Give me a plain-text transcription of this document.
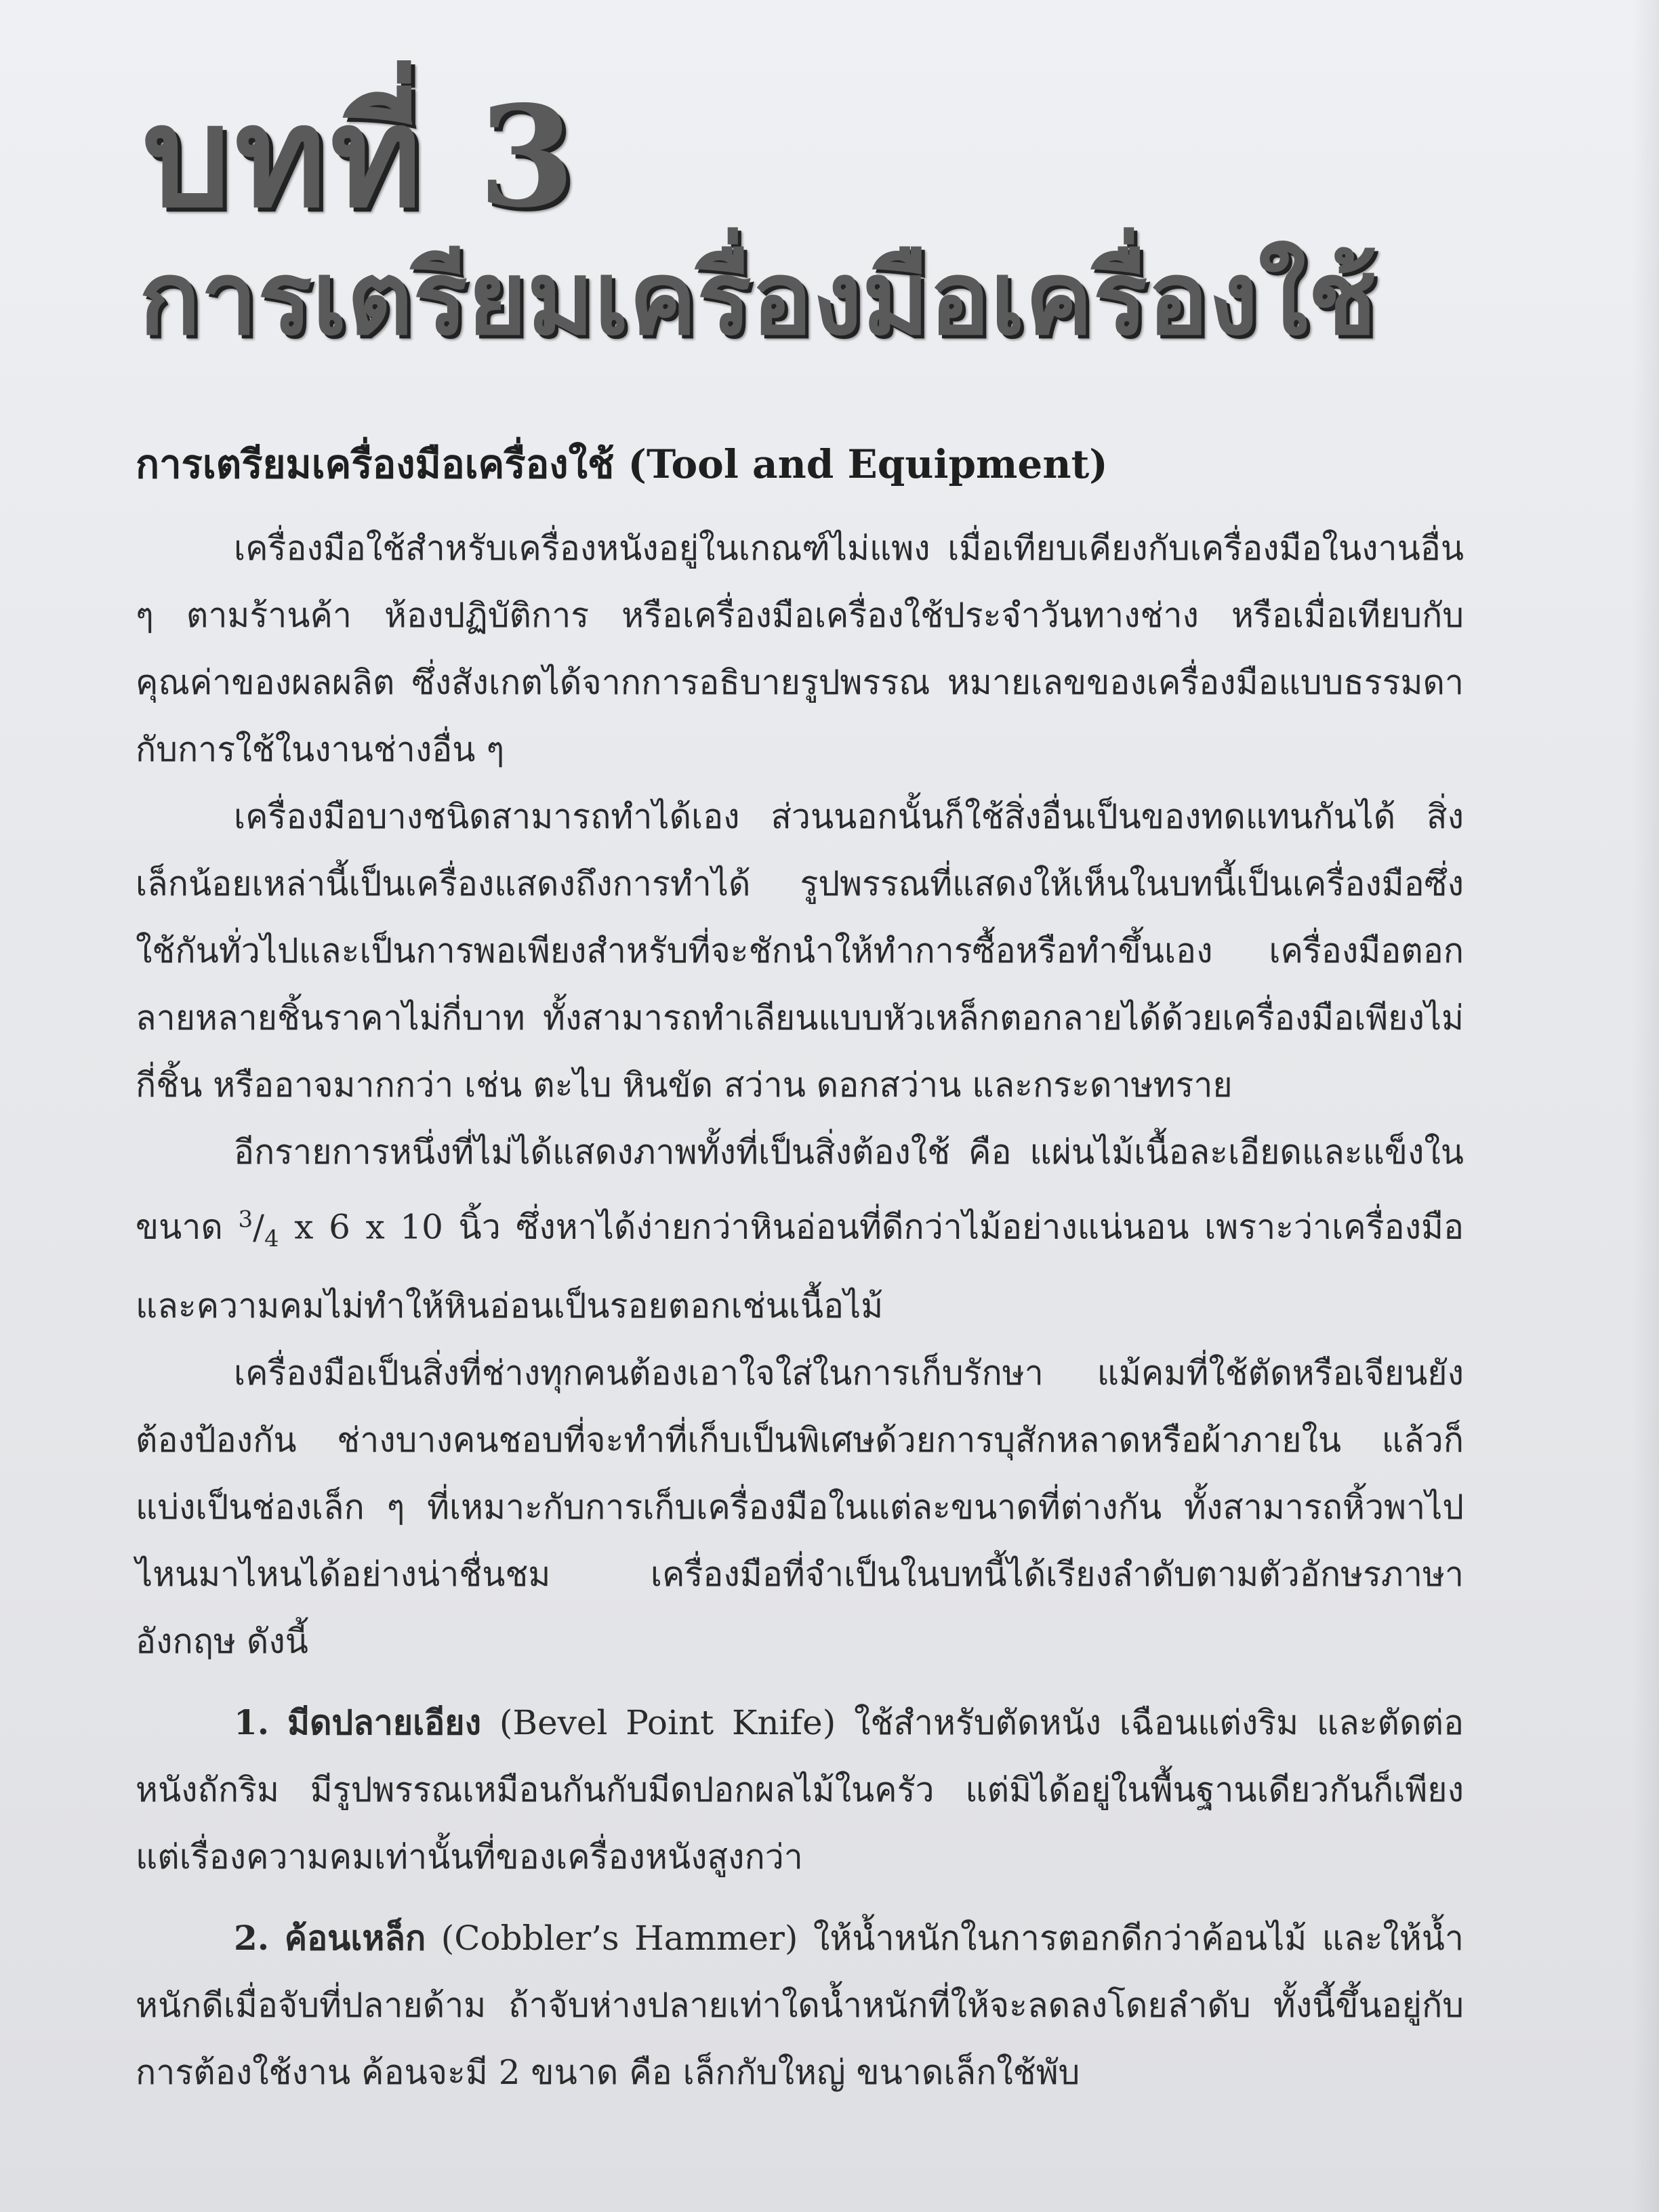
บทที่ 3
การเตรียมเครื่องมือเครื่องใช้
การเตรียมเครื่องมือเครื่องใช้ (Tool and Equipment)

เครื่องมือใช้สำหรับเครื่องหนังอยู่ในเกณฑ์ไม่แพง เมื่อเทียบเคียงกับเครื่องมือในงานอื่น ๆ ตามร้านค้า ห้องปฏิบัติการ หรือเครื่องมือเครื่องใช้ประจำวันทางช่าง หรือเมื่อเทียบกับคุณค่าของผลผลิต ซึ่งสังเกตได้จากการอธิบายรูปพรรณ หมายเลขของเครื่องมือแบบธรรมดากับการใช้ในงานช่างอื่น ๆ

เครื่องมือบางชนิดสามารถทำได้เอง ส่วนนอกนั้นก็ใช้สิ่งอื่นเป็นของทดแทนกันได้ สิ่งเล็กน้อยเหล่านี้เป็นเครื่องแสดงถึงการทำได้ รูปพรรณที่แสดงให้เห็นในบทนี้เป็นเครื่องมือซึ่งใช้กันทั่วไปและเป็นการพอเพียงสำหรับที่จะชักนำให้ทำการซื้อหรือทำขึ้นเอง เครื่องมือตอกลายหลายชิ้นราคาไม่กี่บาท ทั้งสามารถทำเลียนแบบหัวเหล็กตอกลายได้ด้วยเครื่องมือเพียงไม่กี่ชิ้น หรืออาจมากกว่า เช่น ตะไบ หินขัด สว่าน ดอกสว่าน และกระดาษทราย

อีกรายการหนึ่งที่ไม่ได้แสดงภาพทั้งที่เป็นสิ่งต้องใช้ คือ แผ่นไม้เนื้อละเอียดและแข็งในขนาด $^3/_4$ x 6 x 10 นิ้ว ซึ่งหาได้ง่ายกว่าหินอ่อนที่ดีกว่าไม้อย่างแน่นอน เพราะว่าเครื่องมือและความคมไม่ทำให้หินอ่อนเป็นรอยตอกเช่นเนื้อไม้

เครื่องมือเป็นสิ่งที่ช่างทุกคนต้องเอาใจใส่ในการเก็บรักษา แม้คมที่ใช้ตัดหรือเจียนยังต้องป้องกัน ช่างบางคนชอบที่จะทำที่เก็บเป็นพิเศษด้วยการบุสักหลาดหรือผ้าภายใน แล้วก็แบ่งเป็นช่องเล็ก ๆ ที่เหมาะกับการเก็บเครื่องมือในแต่ละขนาดที่ต่างกัน ทั้งสามารถหิ้วพาไปไหนมาไหนได้อย่างน่าชื่นชม เครื่องมือที่จำเป็นในบทนี้ได้เรียงลำดับตามตัวอักษรภาษาอังกฤษ ดังนี้

1. มีดปลายเอียง (Bevel Point Knife) ใช้สำหรับตัดหนัง เฉือนแต่งริม และตัดต่อหนังถักริม มีรูปพรรณเหมือนกันกับมีดปอกผลไม้ในครัว แต่มิได้อยู่ในพื้นฐานเดียวกันก็เพียงแต่เรื่องความคมเท่านั้นที่ของเครื่องหนังสูงกว่า

2. ค้อนเหล็ก (Cobbler’s Hammer) ให้น้ำหนักในการตอกดีกว่าค้อนไม้ และให้น้ำหนักดีเมื่อจับที่ปลายด้าม ถ้าจับห่างปลายเท่าใดน้ำหนักที่ให้จะลดลงโดยลำดับ ทั้งนี้ขึ้นอยู่กับการต้องใช้งาน ค้อนจะมี 2 ขนาด คือ เล็กกับใหญ่ ขนาดเล็กใช้พับ
